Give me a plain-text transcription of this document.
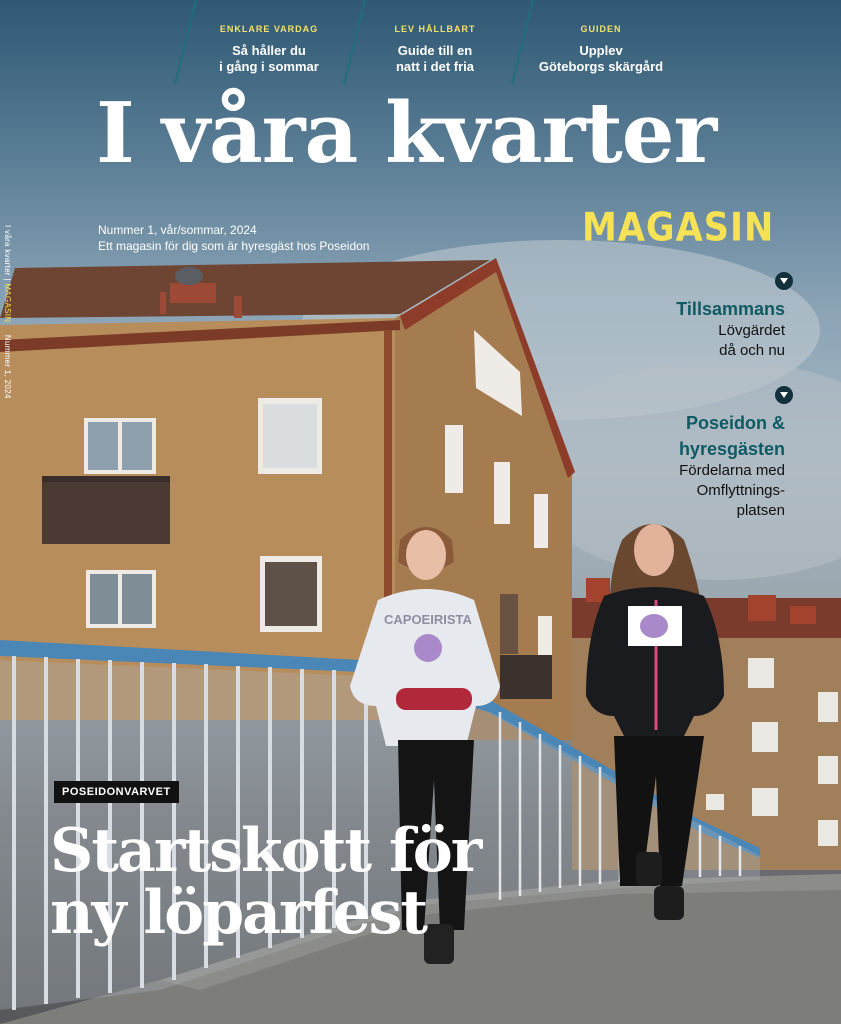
CAPOEIRISTA
ENKLARE VARDAG
Så håller du
i gång i sommar
LEV HÅLLBART
Guide till en
natt i det fria
GUIDEN
Upplev
Göteborgs skärgård
I våra kvarter
MAGASIN
Nummer 1, vår/sommar, 2024
Ett magasin för dig som är hyresgäst hos Poseidon
I våra kvarter | MAGASIN Nummer 1, 2024
Tillsammans
Lövgärdet
då och nu
Poseidon &
hyresgästen
Fördelarna med
Omflyttnings-
platsen
POSEIDONVARVET
Startskott för
ny löparfest
